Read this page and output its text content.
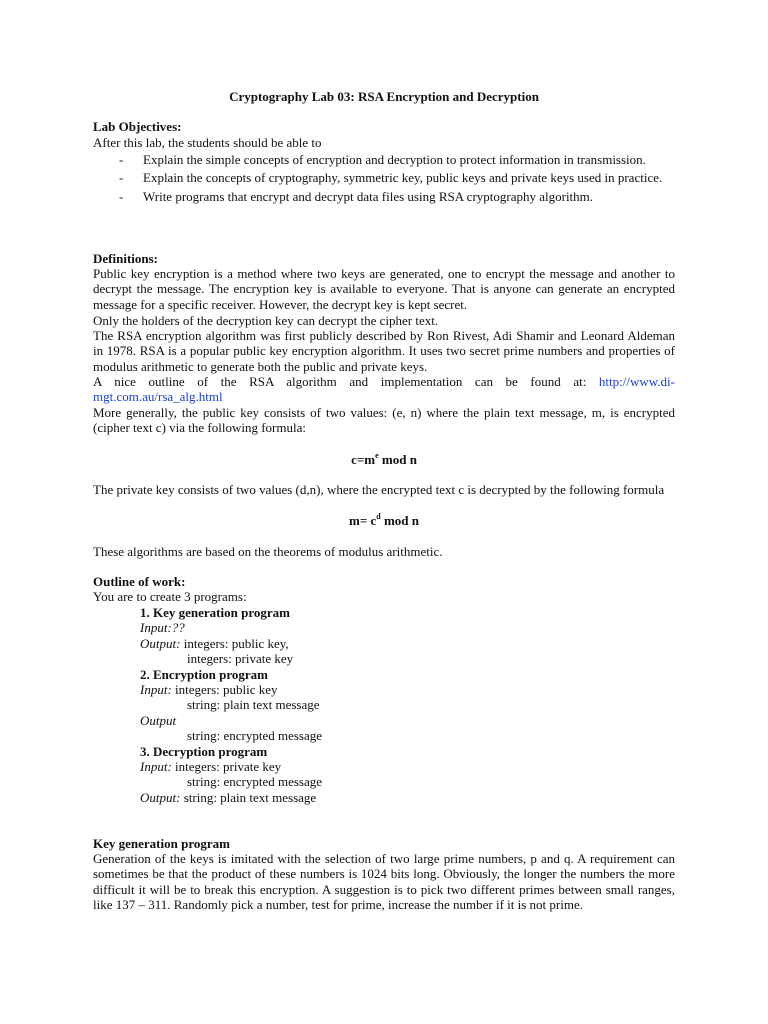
Cryptography Lab 03: RSA Encryption and Decryption
Lab Objectives:
After this lab, the students should be able to
- Explain the simple concepts of encryption and decryption to protect information in transmission.
- Explain the concepts of cryptography, symmetric key, public keys and private keys used in practice.
- Write programs that encrypt and decrypt data files using RSA cryptography algorithm.
Definitions:
Public key encryption is a method where two keys are generated, one to encrypt the message and another to decrypt the message. The encryption key is available to everyone. That is anyone can generate an encrypted message for a specific receiver. However, the decrypt key is kept secret.
Only the holders of the decryption key can decrypt the cipher text.
The RSA encryption algorithm was first publicly described by Ron Rivest, Adi Shamir and Leonard Aldeman in 1978. RSA is a popular public key encryption algorithm. It uses two secret prime numbers and properties of modulus arithmetic to generate both the public and private keys.
A nice outline of the RSA algorithm and implementation can be found at: http://www.di-mgt.com.au/rsa_alg.html
More generally, the public key consists of two values: (e, n) where the plain text message, m, is encrypted (cipher text c) via the following formula:
$c=m^e$ mod n
The private key consists of two values (d,n), where the encrypted text c is decrypted by the following formula
$m= c^d$ mod n
These algorithms are based on the theorems of modulus arithmetic.
Outline of work:
You are to create 3 programs:
1. Key generation program
Input:??
Output: integers: public key,
integers: private key
2. Encryption program
Input: integers: public key
string: plain text message
Output
string: encrypted message
3. Decryption program
Input: integers: private key
string: encrypted message
Output: string: plain text message
Key generation program
Generation of the keys is imitated with the selection of two large prime numbers, p and q. A requirement can sometimes be that the product of these numbers is 1024 bits long. Obviously, the longer the numbers the more difficult it will be to break this encryption. A suggestion is to pick two different primes between small ranges, like 137 – 311. Randomly pick a number, test for prime, increase the number if it is not prime.
